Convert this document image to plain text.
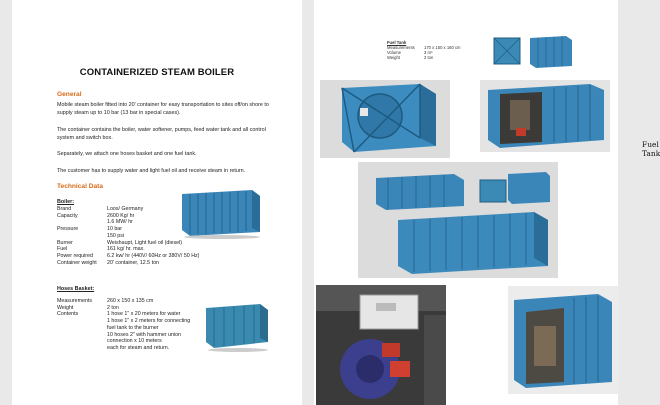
CONTAINERIZED STEAM BOILER
General

Mobile steam boiler fitted into 20' container for easy transportation to sites off/on shore to supply steam up to 10 bar (13 bar in special cases).

The container contains the boiler, water softener, pumps, feed water tank and all control system and switch box.

Separately, we attach one hoses basket and one fuel tank.

The customer has to supply water and light fuel oil and receive steam in return.

Technical Data
Boiler:
Brand	Loos/ Germany
Capacity	2600 Kg/ hr
1.6 MW/ hr
Pressure	10 bar
150 psi
Burner	Weishaupt, Light fuel oil (diesel)
Fuel	161 kg/ hr. max.
Power required	6.2 kw/ hr (440V/ 60Hz or 380V/ 50 Hz)
Container weight	20' container, 12.5 ton
Hoses Basket:
Measurements	260 x 150 x 135 cm
Weight	2 ton
Contents	1 hose 1" x 20 meters for water
1 hose 1" x 2 meters for connecting
fuel tank to the burner
10 hoses 2" with hammer union
connection x 10 meters
each for steam and return.
Fuel Tank
Fuel Tank
Measurements	170 x 150 x 160 cm
Volume	3 m³
Weight	2 ton
